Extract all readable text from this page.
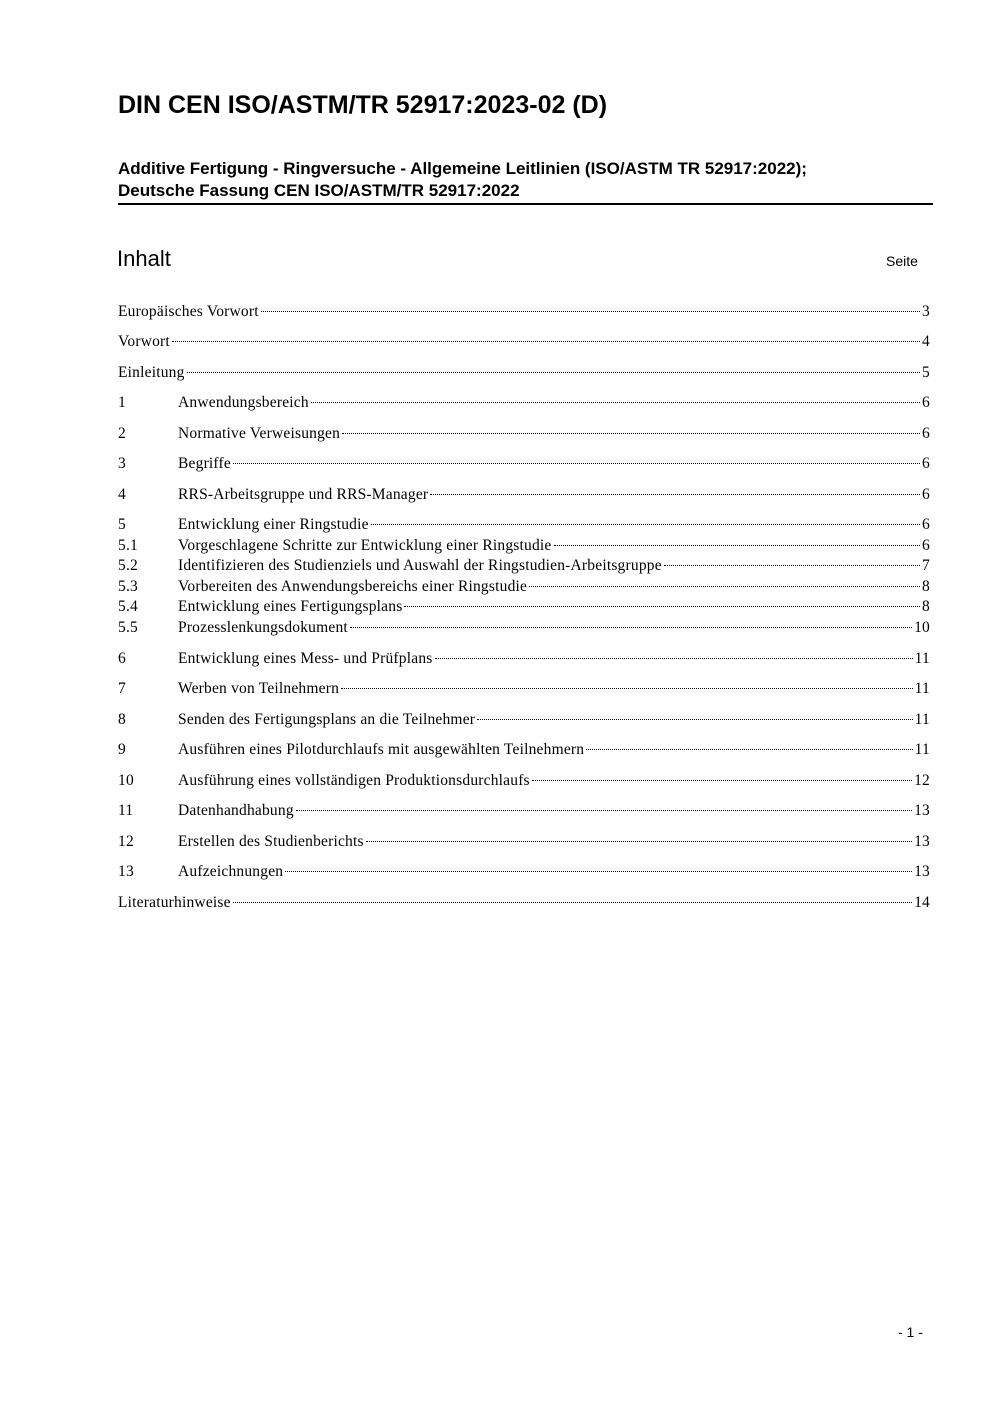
DIN CEN ISO/ASTM/TR 52917:2023-02 (D)
Additive Fertigung - Ringversuche - Allgemeine Leitlinien (ISO/ASTM TR 52917:2022);
Deutsche Fassung CEN ISO/ASTM/TR 52917:2022
Inhalt	Seite
Europäisches Vorwort	3
Vorwort	4
Einleitung	5
1	Anwendungsbereich	6
2	Normative Verweisungen	6
3	Begriffe	6
4	RRS-Arbeitsgruppe und RRS-Manager	6
5	Entwicklung einer Ringstudie	6
5.1	Vorgeschlagene Schritte zur Entwicklung einer Ringstudie	6
5.2	Identifizieren des Studienziels und Auswahl der Ringstudien-Arbeitsgruppe	7
5.3	Vorbereiten des Anwendungsbereichs einer Ringstudie	8
5.4	Entwicklung eines Fertigungsplans	8
5.5	Prozesslenkungsdokument	10
6	Entwicklung eines Mess- und Prüfplans	11
7	Werben von Teilnehmern	11
8	Senden des Fertigungsplans an die Teilnehmer	11
9	Ausführen eines Pilotdurchlaufs mit ausgewählten Teilnehmern	11
10	Ausführung eines vollständigen Produktionsdurchlaufs	12
11	Datenhandhabung	13
12	Erstellen des Studienberichts	13
13	Aufzeichnungen	13
Literaturhinweise	14
- 1 -
